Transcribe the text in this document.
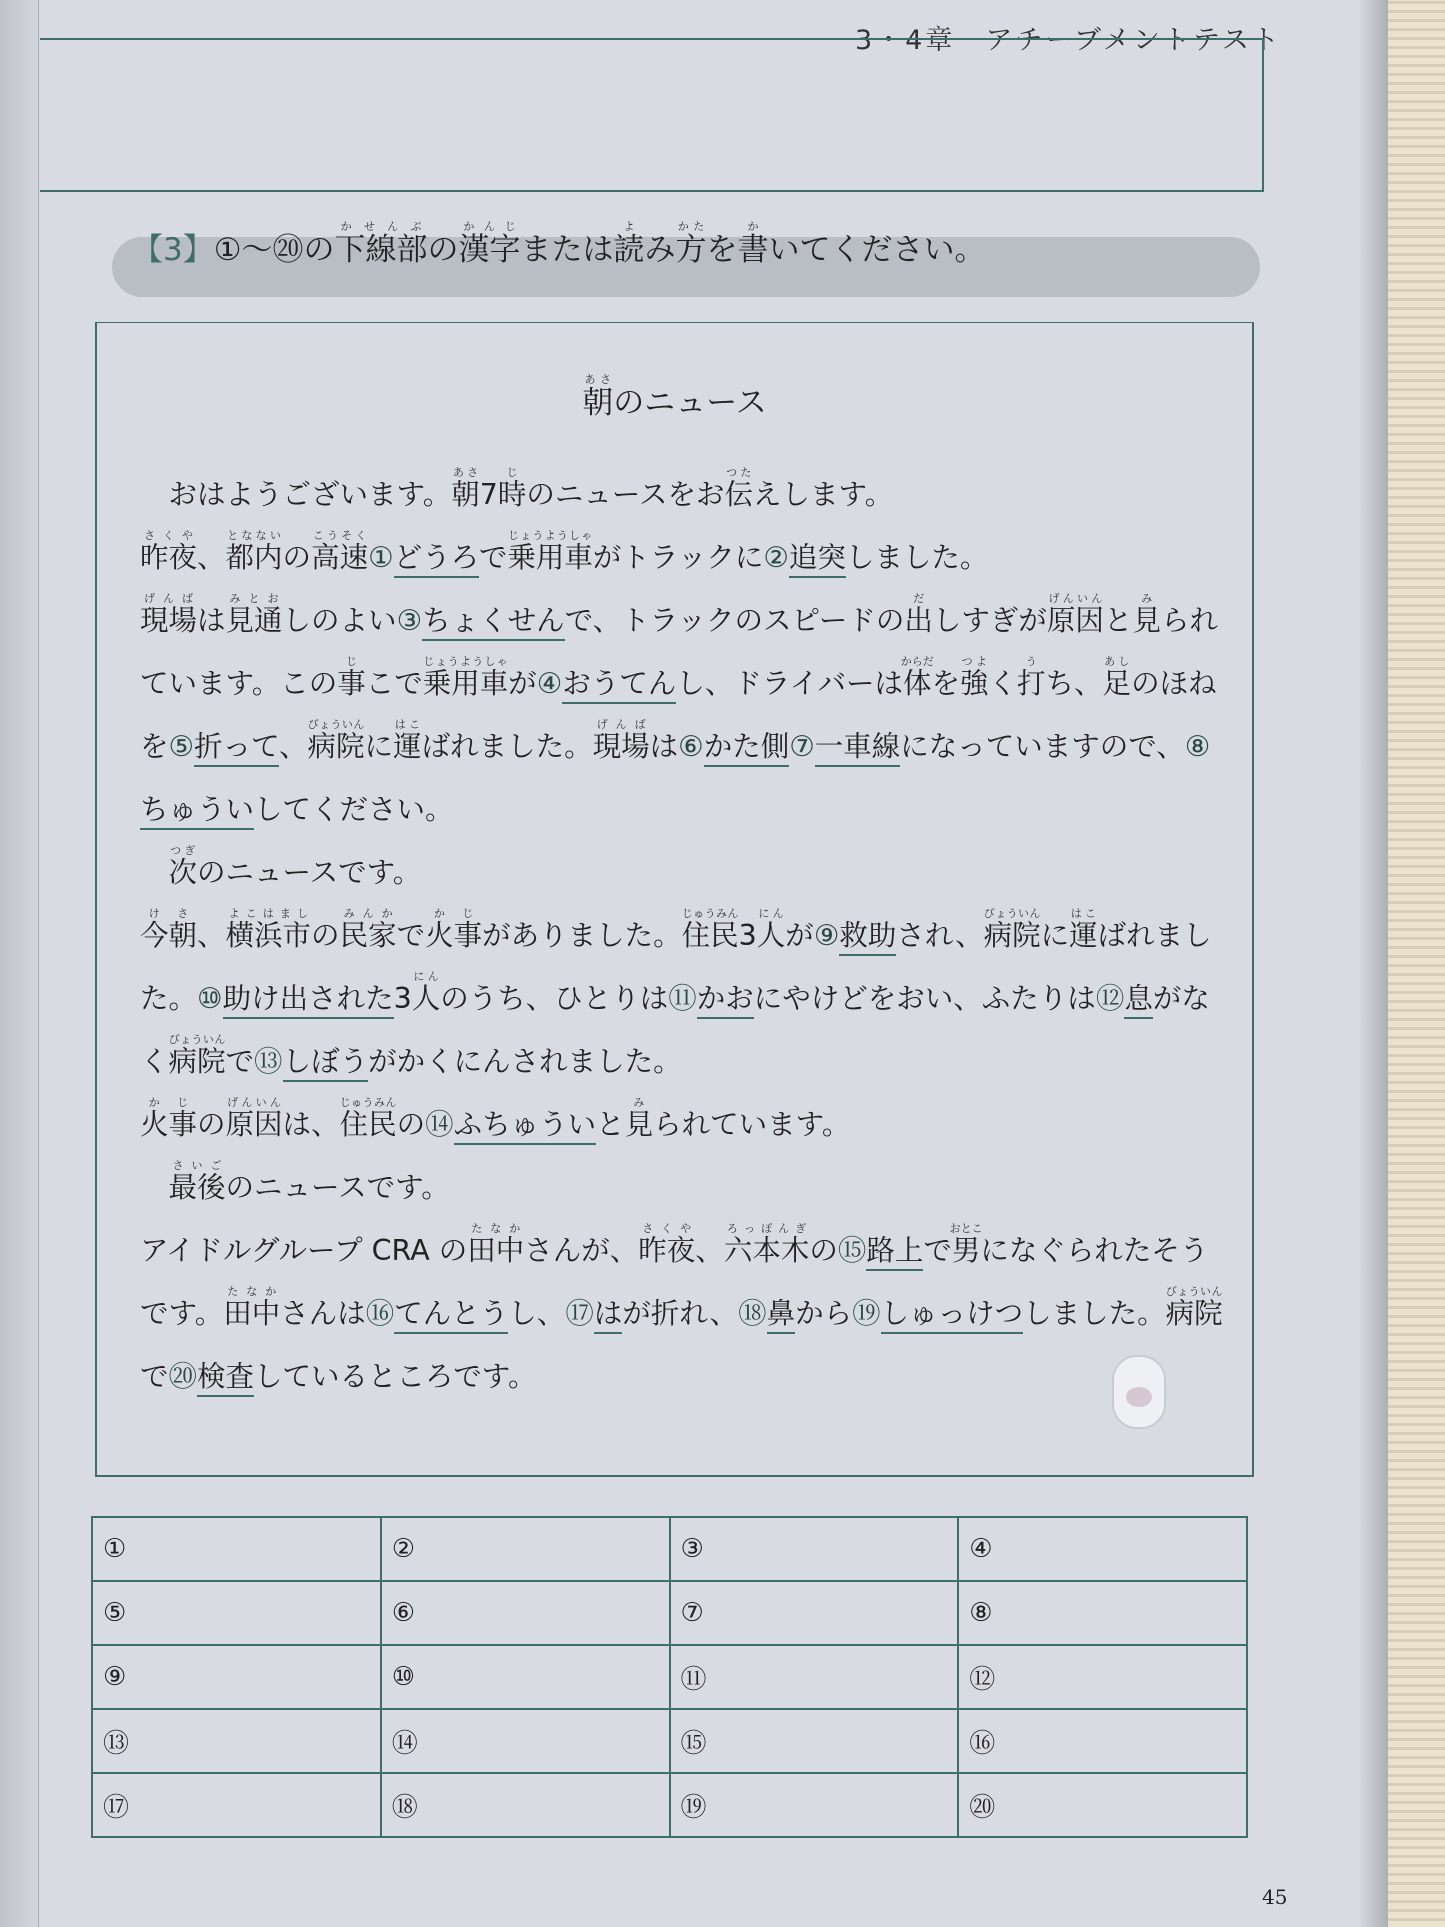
3・4章　アチーブメントテスト
【3】①～⑳の下線部かせんぶの漢字かんじまたは読よみ方かたを書かいてください。
朝あさのニュース
おはようございます。朝あさ7時じのニュースをお伝つたえします。
昨夜さくや、都内となないの高速こうそく①どうろで乗用車じょうようしゃがトラックに②追突しました。
現場げんばは見通みとおしのよい③ちょくせんで、トラックのスピードの出だしすぎが原因げんいんと見みられています。この事じこで乗用車じょうようしゃが④おうてんし、ドライバーは体からだを強つよく打うち、足あしのほねを⑤折って、病院びょういんに運はこばれました。現場げんばは⑥かた側⑦一車線になっていますので、⑧ちゅういしてください。
次つぎのニュースです。
今朝けさ、横浜市よこはましの民家みんかで火事かじがありました。住民じゅうみん3人にんが⑨救助され、病院びょういんに運はこばれました。⑩助け出された3人にんのうち、ひとりは⑪かおにやけどをおい、ふたりは⑫息がなく病院びょういんで⑬しぼうがかくにんされました。
火事かじの原因げんいんは、住民じゅうみんの⑭ふちゅういと見みられています。
最後さいごのニュースです。
アイドルグループ CRA の田中たなかさんが、昨夜さくや、六本木ろっぽんぎの⑮路上で男おとこになぐられたそうです。田中たなかさんは⑯てんとうし、⑰はが折れ、⑱鼻から⑲しゅっけつしました。病院びょういんで⑳検査しているところです。
①	②	③	④
⑤	⑥	⑦	⑧
⑨	⑩	⑪	⑫
⑬	⑭	⑮	⑯
⑰	⑱	⑲	⑳
45
